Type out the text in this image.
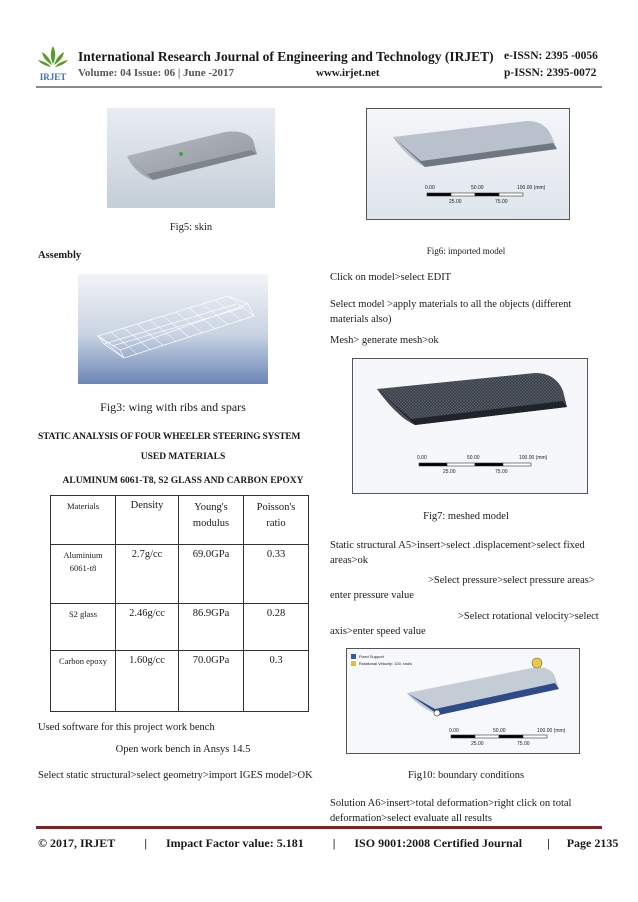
IRJET
International Research Journal of Engineering and Technology (IRJET) e-ISSN: 2395 -0056
Volume: 04 Issue: 06 | June -2017	www.irjet.net	p-ISSN: 2395-0072
Fig5: skin
Assembly
Fig3: wing with ribs and spars
STATIC ANALYSIS OF FOUR WHEELER STEERING SYSTEM
USED MATERIALS
ALUMINUM 6061-T8, S2 GLASS AND CARBON EPOXY
Materials	Density	Young's modulus	Poisson's ratio
Aluminium 6061-t8	2.7g/cc	69.0GPa	0.33
S2 glass	2.46g/cc	86.9GPa	0.28
Carbon epoxy	1.60g/cc	70.0GPa	0.3
Used software for this project work bench
Open work bench in Ansys 14.5
Select static structural>select geometry>import IGES model>OK
0.00	50.00	100.00 (mm)
25.00	75.00
Fig6: imported model
Click on model>select EDIT
Select model >apply materials to all the objects (different materials also)
Mesh> generate mesh>ok
0.00	50.00	100.00 (mm)
25.00	75.00
Fig7: meshed model
Static structural A5>insert>select .displacement>select fixed areas>ok
>Select pressure>select pressure areas> enter pressure value
>Select rotational velocity>select axis>enter speed value
Fixed Support
Rotational Velocity: 100. rad/s
0.00	50.00	100.00 (mm)
25.00	75.00
Fig10: boundary conditions
Solution A6>insert>total deformation>right click on total deformation>select evaluate all results
© 2017, IRJET | Impact Factor value: 5.181 | ISO 9001:2008 Certified Journal | Page 2135
